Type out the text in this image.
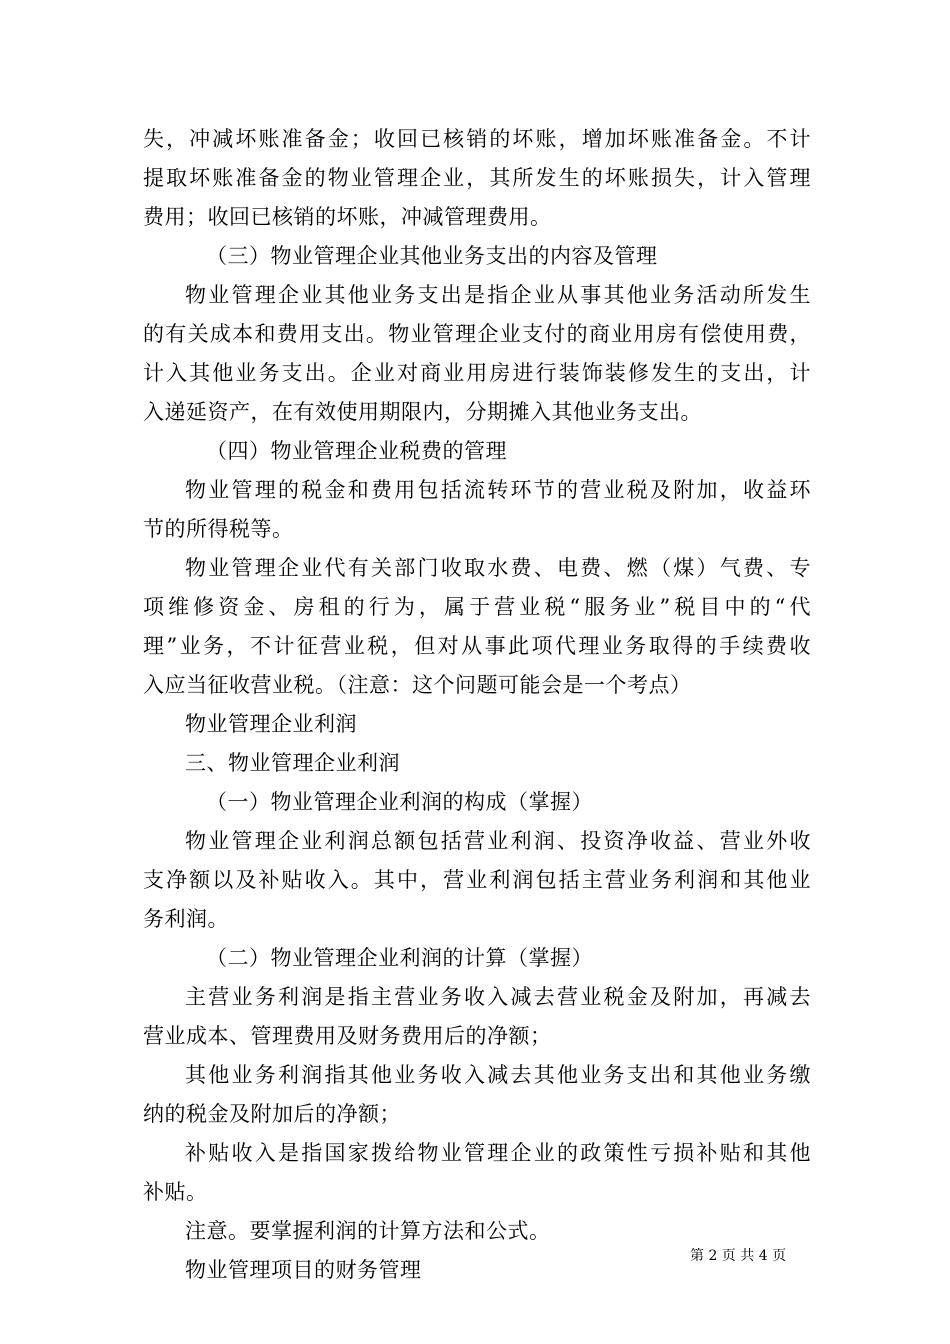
失，冲减坏账准备金；收回已核销的坏账，增加坏账准备金。不计
提取坏账准备金的物业管理企业，其所发生的坏账损失，计入管理
费用；收回已核销的坏账，冲减管理费用。
（三）物业管理企业其他业务支出的内容及管理
物业管理企业其他业务支出是指企业从事其他业务活动所发生
的有关成本和费用支出。物业管理企业支付的商业用房有偿使用费，
计入其他业务支出。企业对商业用房进行装饰装修发生的支出，计
入递延资产，在有效使用期限内，分期摊入其他业务支出。
（四）物业管理企业税费的管理
物业管理的税金和费用包括流转环节的营业税及附加，收益环
节的所得税等。
物业管理企业代有关部门收取水费、电费、燃（煤）气费、专
项维修资金、房租的行为，属于营业税“服务业”税目中的“代
理”业务，不计征营业税，但对从事此项代理业务取得的手续费收
入应当征收营业税。（注意：这个问题可能会是一个考点）
物业管理企业利润
三、物业管理企业利润
（一）物业管理企业利润的构成（掌握）
物业管理企业利润总额包括营业利润、投资净收益、营业外收
支净额以及补贴收入。其中，营业利润包括主营业务利润和其他业
务利润。
（二）物业管理企业利润的计算（掌握）
主营业务利润是指主营业务收入减去营业税金及附加，再减去
营业成本、管理费用及财务费用后的净额；
其他业务利润指其他业务收入减去其他业务支出和其他业务缴
纳的税金及附加后的净额；
补贴收入是指国家拨给物业管理企业的政策性亏损补贴和其他
补贴。
注意。要掌握利润的计算方法和公式。
物业管理项目的财务管理
第 2 页 共 4 页
